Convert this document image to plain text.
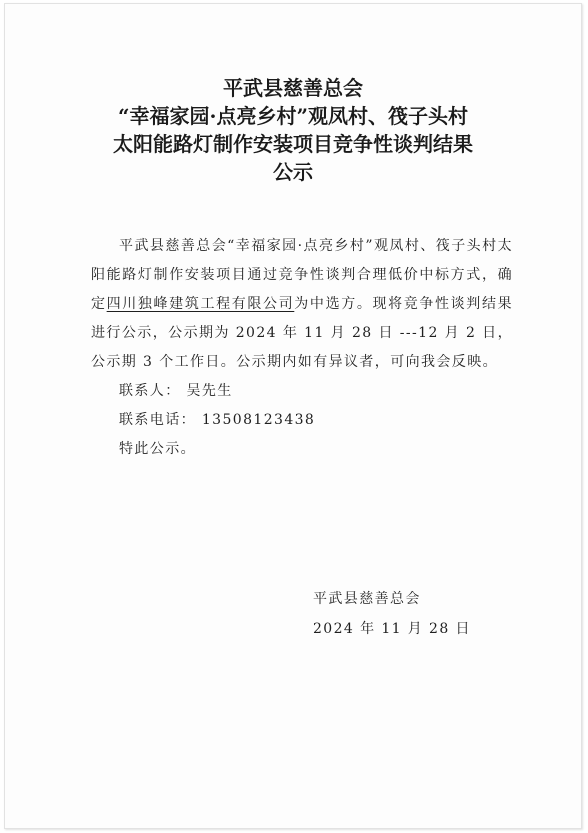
平武县慈善总会
“幸福家园·点亮乡村”观凤村、筏子头村
太阳能路灯制作安装项目竞争性谈判结果
公示

平武县慈善总会“幸福家园·点亮乡村”观凤村、筏子头村太阳能路灯制作安装项目通过竞争性谈判合理低价中标方式，确定四川独峰建筑工程有限公司为中选方。现将竞争性谈判结果进行公示，公示期为 2024 年 11 月 28 日 ---12 月 2 日，公示期 3 个工作日。公示期内如有异议者，可向我会反映。

联系人： 吴先生

联系电话： 13508123438

特此公示。

平武县慈善总会
2024 年 11 月 28 日
